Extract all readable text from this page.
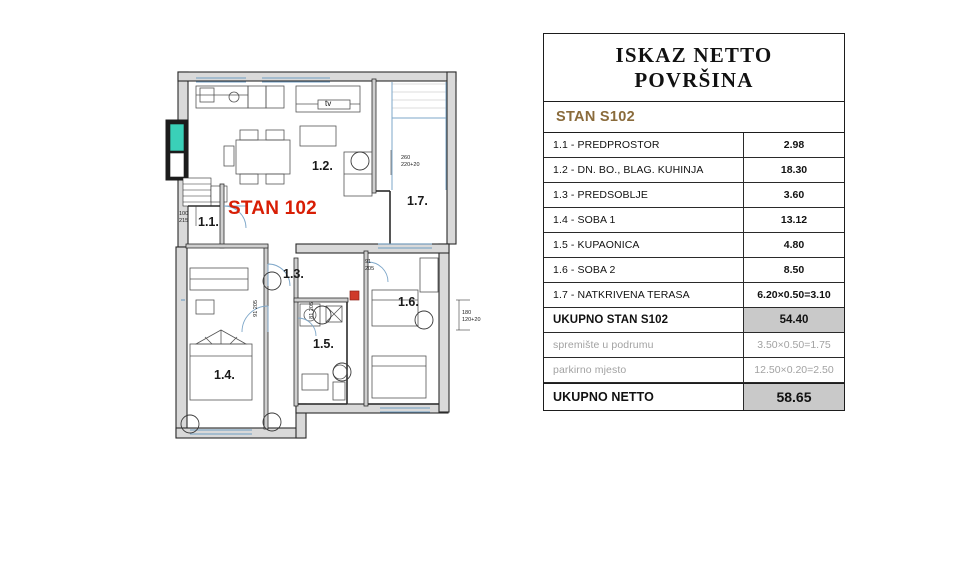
STAN 102
tv
1.1.
1.2.
1.3.
1.4.
1.5.
1.6.
1.7.
260
220+20
100
215
91
205
91 205
81 205
180
120+20
ISKAZ NETTO
POVRŠINA
STAN S102
1.1 - PREDPROSTOR	2.98
1.2 - DN. BO., BLAG. KUHINJA	18.30
1.3 - PREDSOBLJE	3.60
1.4 - SOBA 1	13.12
1.5 - KUPAONICA	4.80
1.6 - SOBA 2	8.50
1.7 - NATKRIVENA TERASA	6.20×0.50=3.10
UKUPNO STAN S102	54.40
spremište u podrumu	3.50×0.50=1.75
parkirno mjesto	12.50×0.20=2.50
UKUPNO NETTO	58.65
